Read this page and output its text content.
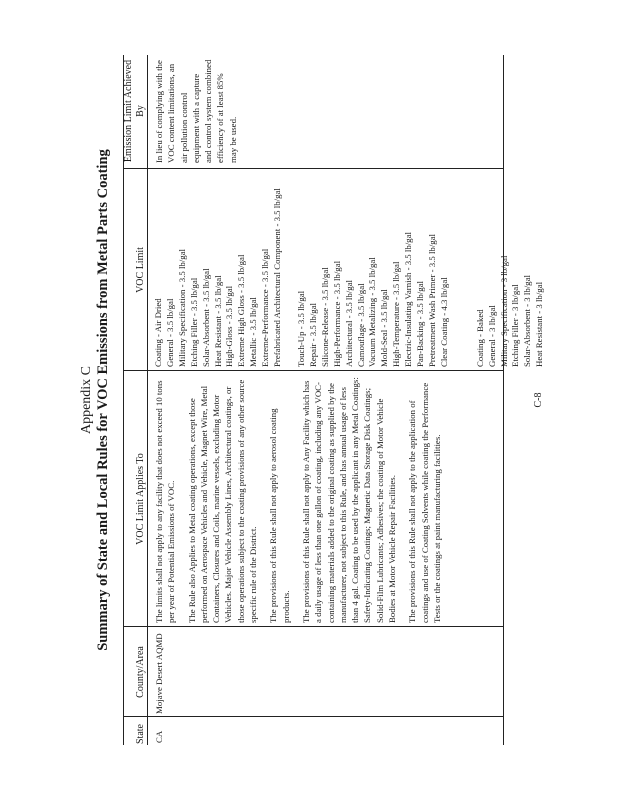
Appendix C Summary of State and Local Rules for VOC Emissions from Metal Parts Coating
State
County/Area
VOC Limit Applies To
VOC Limit
Emission Limit Achieved By
CA
Mojave Desert AQMD

The limits shall not apply to any facility that does not exceed 10 tons per year of Potential Emissions of VOC. The Rule also Applies to Metal coating operations, except those performed on Aerospace Vehicles and Vehicle, Magnet Wire, Metal Containers, Closures and Coils, marine vessels, excluding Motor Vehicles. Major Vehicle Assembly Lines, Architectural coatings, or those operations subject to the coating provisions of any other source specific rule of the District. The provisions of this Rule shall not apply to aerosol coating products. The provisions of this Rule shall not apply to Any Facility which has a daily usage of less than one gallon of coating, including any VOC-containing materials added to the original coating as supplied by the manufacturer, not subject to this Rule, and has annual usage of less than 4 gal. Coating to be used by the applicant in any Metal Coatings: Safety-Indicating Coatings; Magnetic Data Storage Disk Coatings; Solid-Film Lubricants; Adhesives; the coating of Motor Vehicle Bodies at Motor Vehicle Repair Facilities. The provisions of this Rule shall not apply to the application of coatings and use of Coating Solvents while coating the Performance Tests or the coatings at paint manufacturing facilities.

Coating - Air Dried General - 3.5 lb/gal Military Specification - 3.5 lb/gal Etching Filler - 3.5 lb/gal Solar-Absorbent - 3.5 lb/gal Heat Resistant - 3.5 lb/gal High-Gloss - 3.5 lb/gal Extreme High Gloss - 3.5 lb/gal Metallic - 3.5 lb/gal Extreme-Performance - 3.5 lb/gal Prefabricated Architectural Component - 3.5 lb/gal Touch-Up - 3.5 lb/gal Repair - 3.5 lb/gal Silicone-Release - 3.5 lb/gal High-Performance - 3.5 lb/gal Architectural - 3.5 lb/gal Camouflage - 3.5 lb/gal Vacuum Metalizing - 3.5 lb/gal Mold-Seal - 3.5 lb/gal High-Temperature - 3.5 lb/gal Electric-Insulating Varnish - 3.5 lb/gal Pan-Backing - 3.5 lb/gal Pretreatment Wash Primer - 3.5 lb/gal Clear Coating - 4.3 lb/gal	Coating - Baked General - 3 lb/gal Military Specification - 3 lb/gal Etching Filler - 3 lb/gal Solar-Absorbent - 3 lb/gal Heat Resistant - 3 lb/gal
In lieu of complying with the VOC content limitations, an air pollution control equipment with a capture and control system combined efficiency of at least 85% may be used.
C-8
